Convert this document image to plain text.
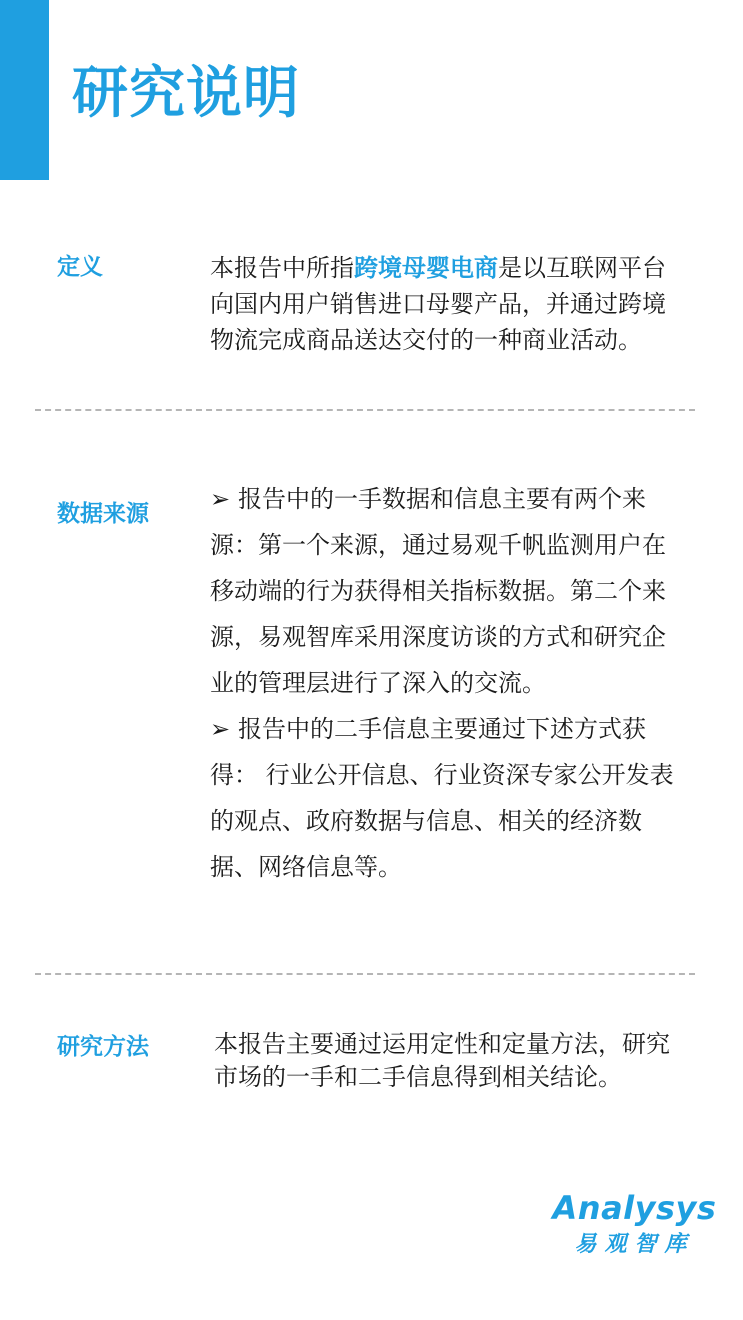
研究说明
定义	本报告中所指跨境母婴电商是以互联网平台向国内用户销售进口母婴产品，并通过跨境物流完成商品送达交付的一种商业活动。
数据来源

➢ 报告中的一手数据和信息主要有两个来源：第一个来源，通过易观千帆监测用户在移动端的行为获得相关指标数据。第二个来源，易观智库采用深度访谈的方式和研究企业的管理层进行了深入的交流。

➢ 报告中的二手信息主要通过下述方式获得： 行业公开信息、行业资深专家公开发表的观点、政府数据与信息、相关的经济数据、网络信息等。

研究方法	本报告主要通过运用定性和定量方法，研究市场的一手和二手信息得到相关结论。
Analysys
易观智库
